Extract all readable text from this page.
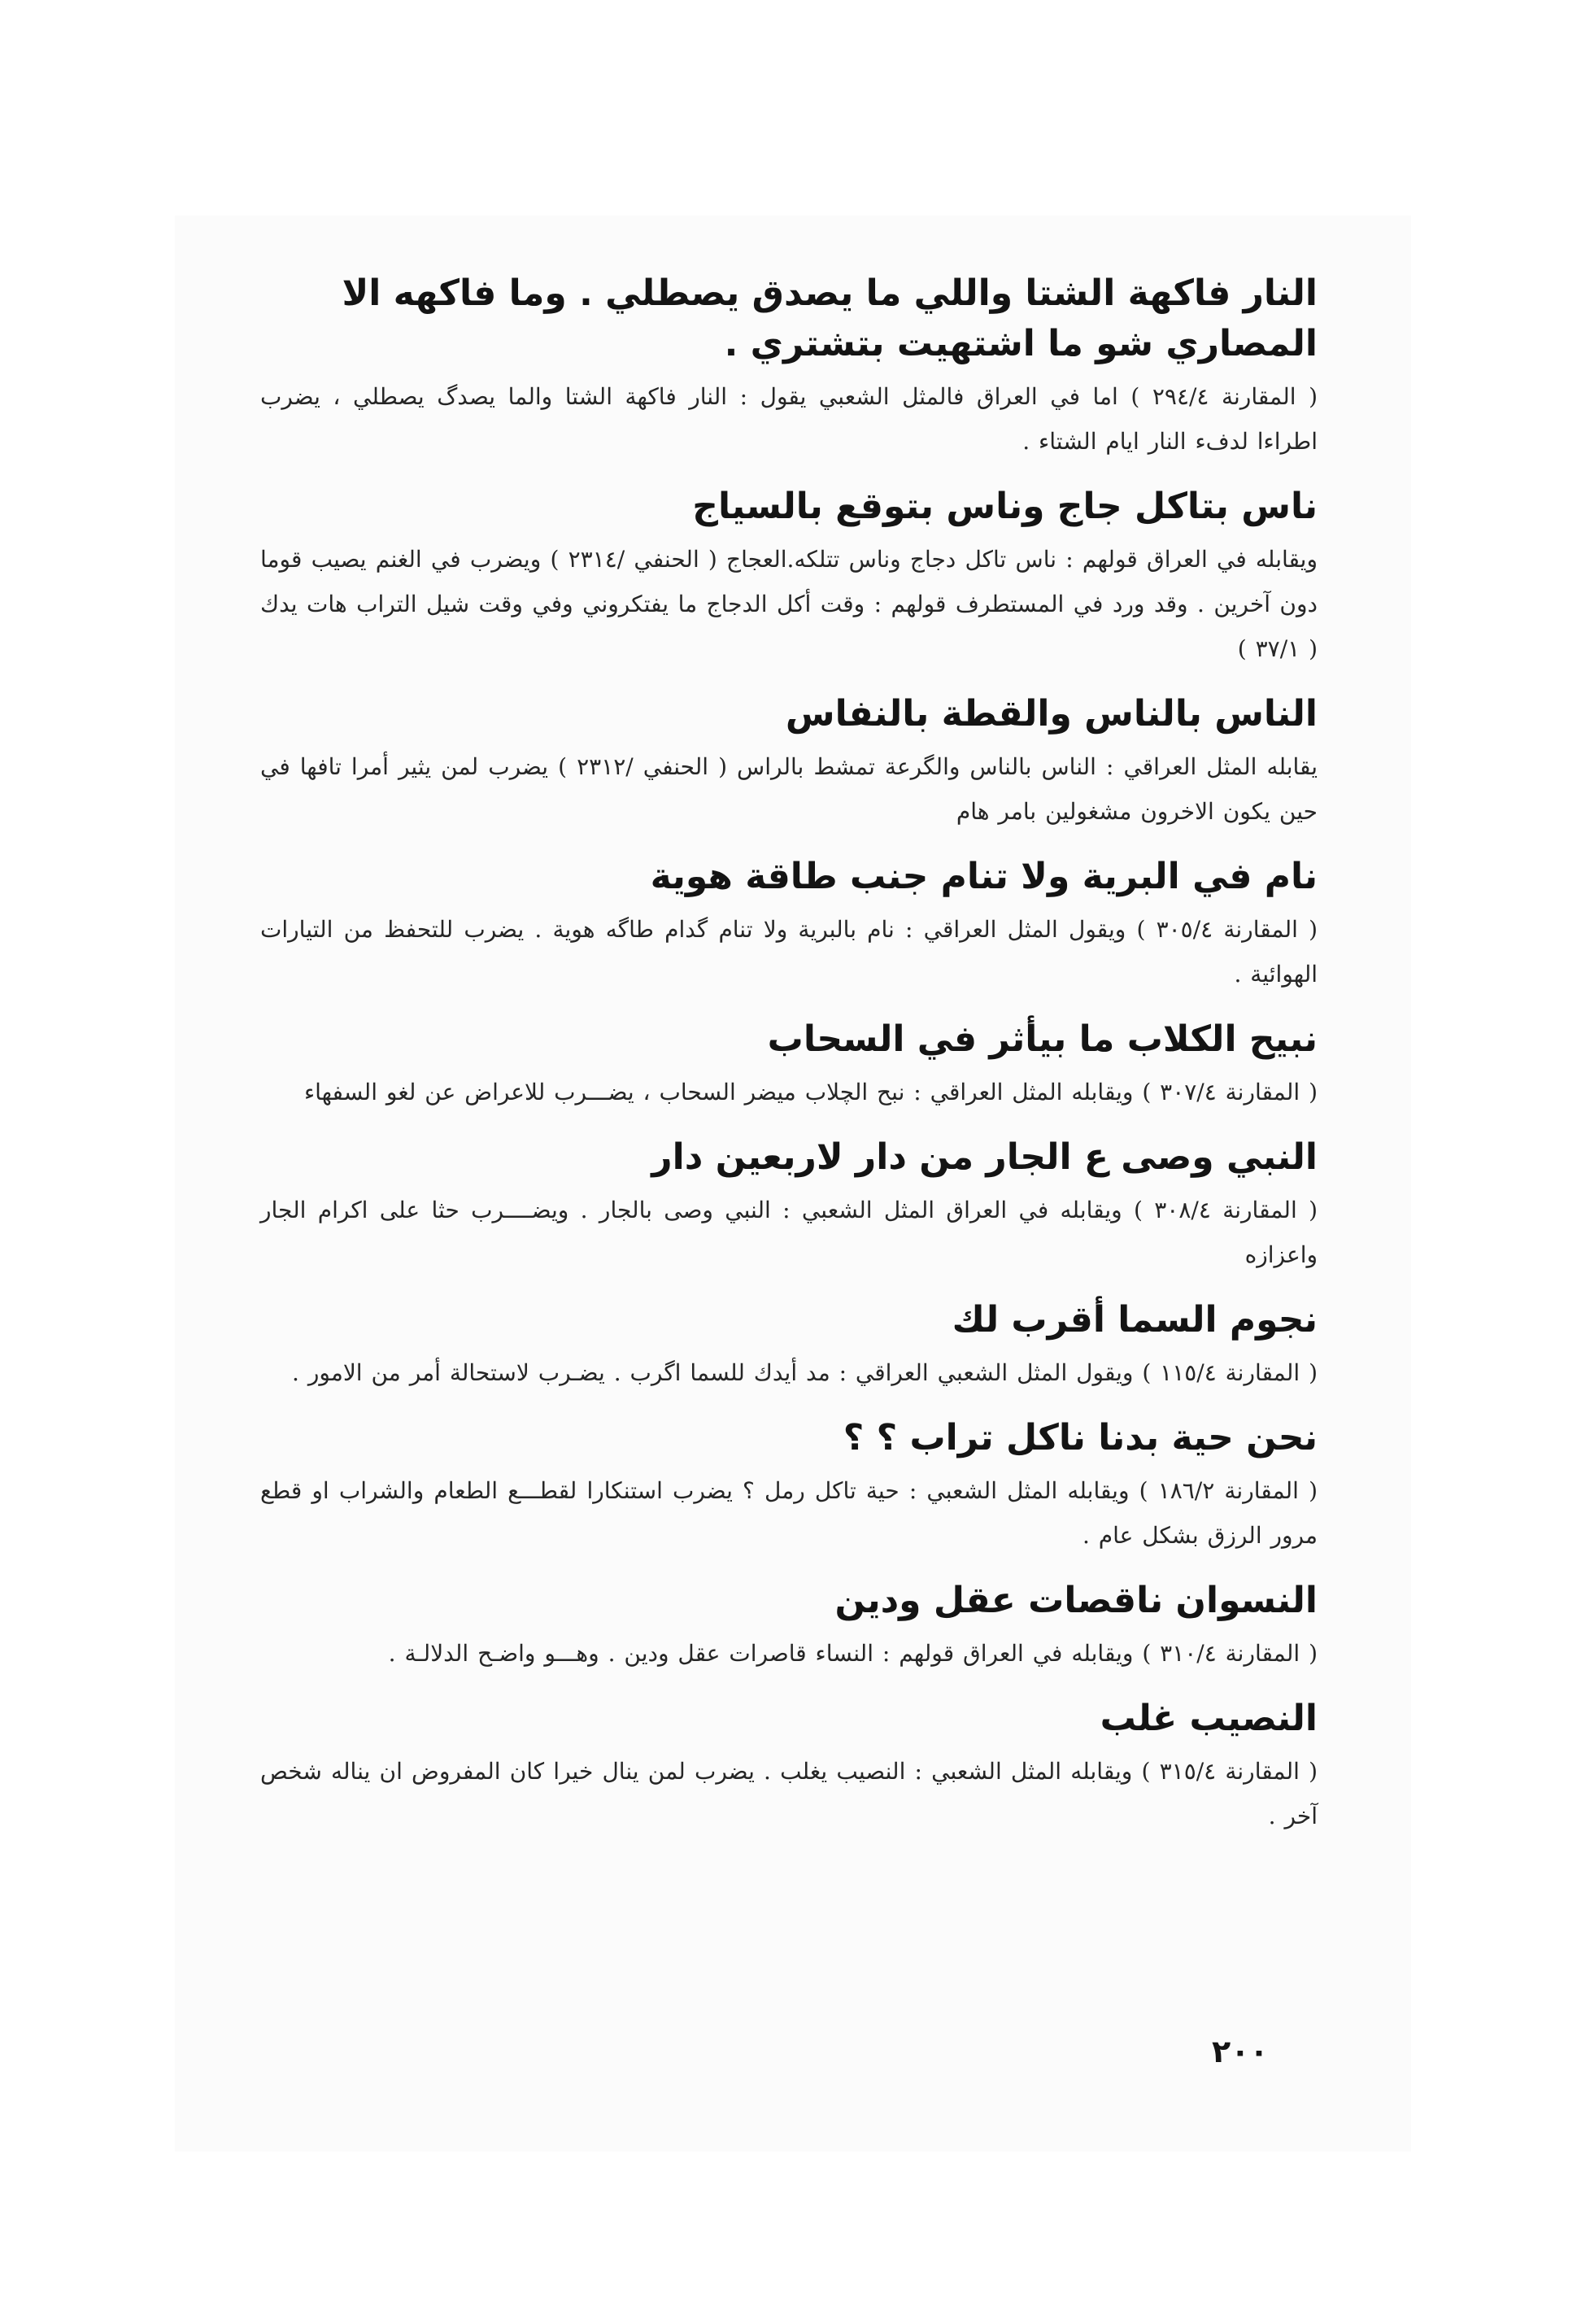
النار فاكهة الشتا واللي ما يصدق يصطلي . وما فاكهه الا المصاري شو ما اشتهيت بتشتري .

( المقارنة ٢٩٤/٤ ) اما في العراق فالمثل الشعبي يقول : النار فاكهة الشتا والما يصدگ يصطلي ، يضرب اطراءا لدفء النار ايام الشتاء .

ناس بتاكل جاج وناس بتوقع بالسياج

ويقابله في العراق قولهم : ناس تاكل دجاج وناس تتلكه.العجاج ( الحنفي /٢٣١٤ ) ويضرب في الغنم يصيب قوما دون آخرين . وقد ورد في المستطرف قولهم : وقت أكل الدجاج ما يفتكروني وفي وقت شيل التراب هات يدك ( ٣٧/١ )

الناس بالناس والقطة بالنفاس

يقابله المثل العراقي : الناس بالناس والگرعة تمشط بالراس ( الحنفي /٢٣١٢ ) يضرب لمن يثير أمرا تافها في حين يكون الاخرون مشغولين بامر هام

نام في البرية ولا تنام جنب طاقة هوية

( المقارنة ٣٠٥/٤ ) ويقول المثل العراقي : نام بالبرية ولا تنام گدام طاگه هوية . يضرب للتحفظ من التيارات الهوائية .

نبيح الكلاب ما بيأثر في السحاب

( المقارنة ٣٠٧/٤ ) ويقابله المثل العراقي : نبح الچلاب ميضر السحاب ، يضـــرب للاعراض عن لغو السفهاء

النبي وصى ع الجار من دار لاربعين دار

( المقارنة ٣٠٨/٤ ) ويقابله في العراق المثل الشعبي : النبي وصى بالجار . ويضــــرب حثا على اكرام الجار واعزازه

نجوم السما أقرب لك

( المقارنة ١١٥/٤ ) ويقول المثل الشعبي العراقي : مد أيدك للسما اگرب . يضـرب لاستحالة أمر من الامور .

نحن حية بدنا ناكل تراب ؟ ؟

( المقارنة ١٨٦/٢ ) ويقابله المثل الشعبي : حية تاكل رمل ؟ يضرب استنكارا لقطـــع الطعام والشراب او قطع مرور الرزق بشكل عام .

النسوان ناقصات عقل ودين

( المقارنة ٣١٠/٤ ) ويقابله في العراق قولهم : النساء قاصرات عقل ودين . وهـــو واضـح الدلالـة .

النصيب غلب

( المقارنة ٣١٥/٤ ) ويقابله المثل الشعبي : النصيب يغلب . يضرب لمن ينال خيرا كان المفروض ان يناله شخص آخر .

٢٠٠
